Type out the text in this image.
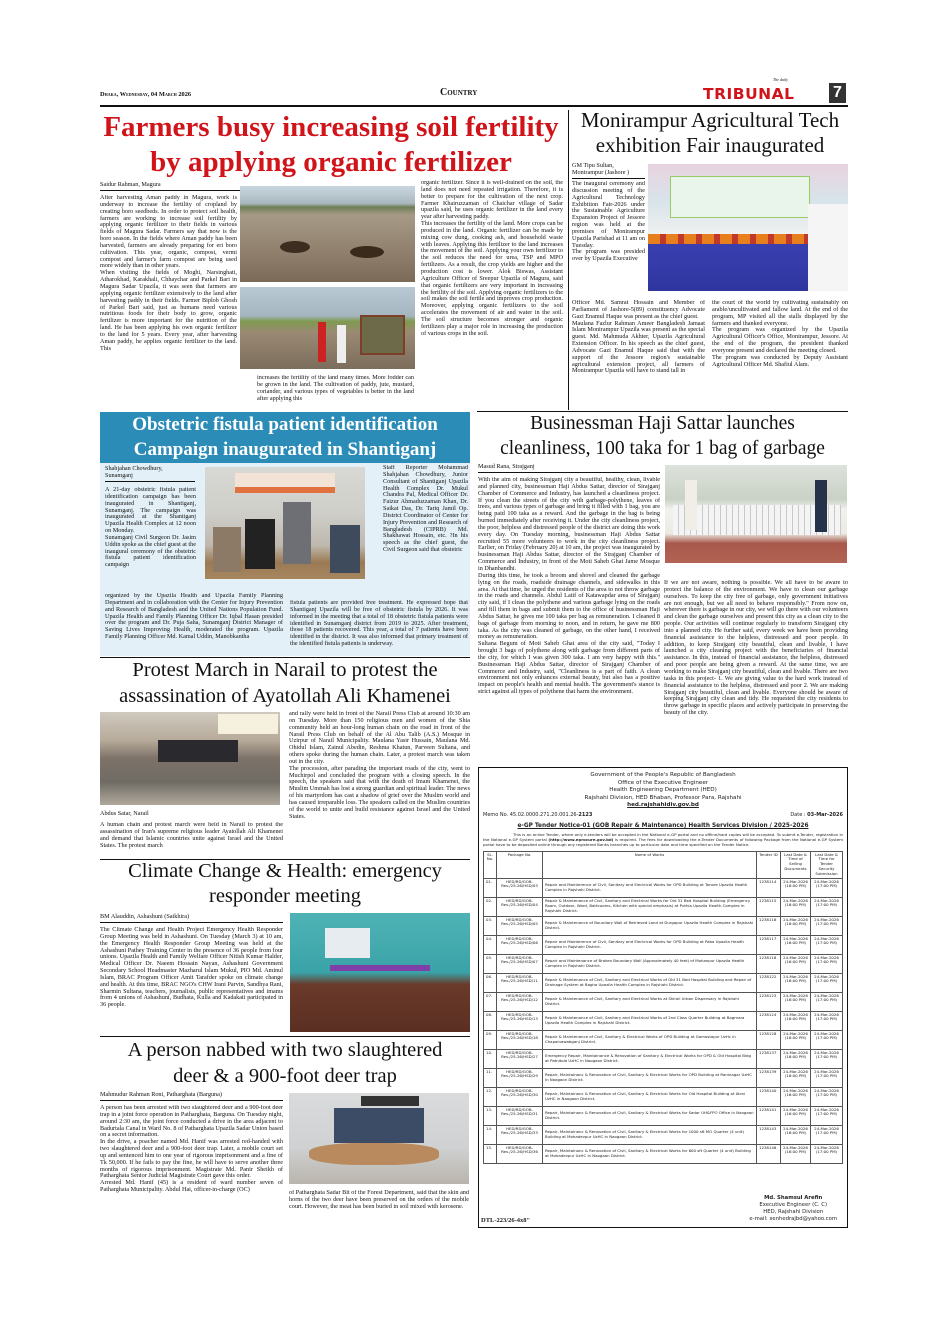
Dhaka, Wednesday, 04 March 2026	Country
The daily
TRIBUNAL 7
Farmers busy increasing soil fertility
by applying organic fertilizer
Saidur Rahman, Magura

After harvesting Aman paddy in Magura, work is underway to increase the fertility of cropland by creating boro seedbeds. In order to protect soil health, farmers are working to increase soil fertility by applying organic fertilizer to their fields in various fields of Magura Sadar. Farmers say that now is the boro season. In the fields where Aman paddy has been harvested, farmers are already preparing for eri boro cultivation. This year, organic, compost, vermi compost and farmer's farm compost are being used more widely than in other years.

When visiting the fields of Moghi, Narsinghati, Atharokhad, Karakhali, Chhaychar and Parkel Bari in Magura Sadar Upazila, it was seen that farmers are applying organic fertilizer extensively to the land after harvesting paddy in their fields. Farmer Biplob Ghosh of Parkel Bari said, just as humans need various nutritious foods for their body to grow, organic fertilizer is more important for the nutrition of the land. He has been applying his own organic fertilizer to the land for 5 years. Every year, after harvesting Aman paddy, he applies organic fertilizer to the land. This

increases the fertility of the land many times. More fodder can be grown in the land. The cultivation of paddy, jute, mustard, coriander, and various types of vegetables is better in the land after applying this

organic fertilizer. Since it is well-drained on the soil, the land does not need repeated irrigation. Therefore, it is better to prepare for the cultivation of the next crop. Farmer Khairuzzaman of Chaichar village of Sadar upazila said, he uses organic fertilizer in the land every year after harvesting paddy.

This increases the fertility of the land. More crops can be produced in the land. Organic fertilizer can be made by mixing cow dung, cooking ash, and household waste with leaves. Applying this fertilizer to the land increases the movement of the soil. Applying your own fertilizer to the soil reduces the need for urea, TSP and MPO fertilizers. As a result, the crop yields are higher and the production cost is lower. Alok Biswas, Assistant Agriculture Officer of Sreepur Upazila of Magura, said that organic fertilizers are very important in increasing the fertility of the soil. Applying organic fertilizers to the soil makes the soil fertile and improves crop production. Moreover, applying organic fertilizers to the soil accelerates the movement of air and water in the soil. The soil structure becomes stronger and organic fertilizers play a major role in increasing the production of various crops in the soil.

Monirampur Agricultural Tech
exhibition Fair inaugurated
GM Tipu Sultan,
Monirampur (Jashore )

The inaugural ceremony and discussion meeting of the Agricultural Technology Exhibition Fair-2026 under the Sustainable Agriculture Expansion Project of Jessore region was held at the premises of Monirampur Upazila Parishad at 11 am on Tuesday.

The program was presided over by Upazila Executive

Officer Md. Samrat Hossain and Member of Parliament of Jashore-5(89) constituency Advocate Gazi Enamul Haque was present as the chief guest.

Maulana Fazlur Rahman Ameer Bangladesh Jamaat Islam Monirampur Upazila was present as the special guest. Md. Mahmuda Akhter, Upazila Agricultural Extension Officer. In his speech as the chief guest, Advocate Gazi Enamul Haque said that with the support of the Jessore region's sustainable agricultural extension project, all farmers of Monirampur Upazila will have to stand tall in

the court of the world by cultivating sustainably on arable/uncultivated and fallow land. At the end of the program, MP visited all the stalls displayed by the farmers and thanked everyone.

The program was organized by the Upazila Agricultural Officer's Office, Monirampur, Jessore. At the end of the program, the president thanked everyone present and declared the meeting closed.

The program was conducted by Deputy Assistant Agricultural Officer Md. Shafiul Alam.

Obstetric fistula patient identification
Campaign inaugurated in Shantiganj
Shahjahan Chowdhury,
Sunamganj

A 21-day obstetric fistula patient identification campaign has been inaugurated in Shantiganj, Sunamganj. The campaign was inaugurated at the Shantiganj Upazila Health Complex at 12 noon on Monday.

Sunamganj Civil Surgeon Dr. Jasim Uddin spoke as the chief guest at the inaugural ceremony of the obstetric fistula patient identification campaign

Staff Reporter Mohammad Shahjahan Chowdhury, Junior Consultant of Shantiganj Upazila Health Complex Dr. Mukul Chandra Pal, Medical Officer Dr. Faizur Ahmaduzzaman Khan, Dr. Saikat Das, Dr. Tariq Jamil Op. District Coordinator of Center for Injury Prevention and Research of Bangladesh (CIPRB) Md. Shakhawat Hossain, etc. ?In his speech as the chief guest, the Civil Surgeon said that obstetric
organized by the Upazila Health and Upazila Family Planning Department and in collaboration with the Center for Injury Prevention and Research of Bangladesh and the United Nations Population Fund. Upazila Health and Family Planning Officer Dr. Iqbal Hasan presided over the program and Dr. Puja Saha, Sunamganj District Manager of Saving Lives Improving Health, moderated the program. Upazila Family Planning Officer Md. Kamal Uddin, Manobkantha
fistula patients are provided free treatment. He expressed hope that Shantiganj Upazila will be free of obstetric fistula by 2026. It was informed in the meeting that a total of 18 obstetric fistula patients were identified in Sunamganj district from 2019 to 2025. After treatment, those 18 patients recovered. This year, a total of 7 patients have been identified in the district. It was also informed that primary treatment of the identified fistula patients is underway.
Businessman Haji Sattar launches
cleanliness, 100 taka for 1 bag of garbage
Masud Rana, Sirajganj

With the aim of making Sirajganj city a beautiful, healthy, clean, livable and planned city, businessman Haji Abdus Sattar, director of Sirajganj Chamber of Commerce and Industry, has launched a cleanliness project. If you clean the streets of the city with garbage-polythene, leaves of trees, and various types of garbage and bring it filled with 1 bag, you are being paid 100 taka as a reward. And the garbage in the bag is being burned immediately after receiving it. Under the city cleanliness project, the poor, helpless and distressed people of the district are doing this work every day. On Tuesday morning, businessman Haji Abdus Sattar recruited 55 more volunteers to work in the city cleanliness project. Earlier, on Friday (February 20) at 10 am, the project was inaugurated by businessman Haji Abdus Sattar, director of the Sirajganj Chamber of Commerce and Industry, in front of the Moti Saheb Ghat Jame Mosque in Dhanbandhi.

During this time, he took a broom and shovel and cleaned the garbage lying on the roads, roadside drainage channels, and sidewalks in this area. At that time, he urged the residents of the area to not throw garbage in the roads and channels. Abdul Latif of Katawapdar area of Sirajganj city said, if I clean the polythene and various garbage lying on the roads and fill them in bags and submit them to the office of businessman Haji Abdus Sattar, he gives me 100 taka per bag as remuneration. I cleaned 8 bags of garbage from morning to noon, and in return, he gave me 800 taka. As the city was cleaned of garbage, on the other hand, I received money as remuneration.

Sultana Begum of Moti Saheb Ghat area of the city said, "Today I brought 3 bags of polythene along with garbage from different parts of the city, for which I was given 300 taka. I am very happy with this." Businessman Haji Abdus Sattar, director of Sirajganj Chamber of Commerce and Industry, said, "Cleanliness is a part of faith. A clean environment not only enhances external beauty, but also has a positive impact on people's health and mental health. The government's stance is strict against all types of polythene that harm the environment.

If we are not aware, nothing is possible. We all have to be aware to protect the balance of the environment. We have to clean our garbage ourselves. To keep the city free of garbage, only government initiatives are not enough, but we all need to behave responsibly." From now on, wherever there is garbage in our city, we will go there with our volunteers and clean the garbage ourselves and present this city as a clean city to the people. Our activities will continue regularly to transform Sirajganj city into a planned city. He further said, every week we have been providing financial assistance to the helpless, distressed and poor people. In addition, to keep Sirajganj city beautiful, clean and livable, I have launched a city cleaning project with the beneficiaries of financial assistance. In this, instead of financial assistance, the helpless, distressed and poor people are being given a reward. At the same time, we are working to make Sirajganj city beautiful, clean and livable. There are two tasks in this project- 1. We are giving value to the hard work instead of financial assistance to the helpless, distressed and poor 2. We are making Sirajganj city beautiful, clean and livable. Everyone should be aware of keeping Sirajganj city clean and tidy. He requested the city residents to throw garbage in specific places and actively participate in preserving the beauty of the city.
Protest March in Narail to protest the
assassination of Ayatollah Ali Khamenei
Abdus Satar, Narail
A human chain and protest march were held in Narail to protest the assassination of Iran's supreme religious leader Ayatollah Ali Khamenei and demand that Islamic countries unite against Israel and the United States. The protest march

and rally were held in front of the Narail Press Club at around 10:30 am on Tuesday. More than 150 religious men and women of the Shia community held an hour-long human chain on the road in front of the Narail Press Club on behalf of the Al Abu Talib (A.S.) Mosque in Uzirpur of Narail Municipality. Maulana Yasir Hussain, Maulana Md. Ohidul Islam, Zainul Abedin, Reshma Khatun, Parveen Sultana, and others spoke during the human chain. Later, a protest march was taken out in the city.

The procession, after parading the important roads of the city, went to Muchirpol and concluded the program with a closing speech. In the speech, the speakers said that with the death of Imam Khamenei, the Muslim Ummah has lost a strong guardian and spiritual leader. The news of his martyrdom has cast a shadow of grief over the Muslim world and has caused irreparable loss. The speakers called on the Muslim countries of the world to unite and build resistance against Israel and the United States.

Climate Change & Health: emergency
responder meeting
BM Alauddin, Ashashuni (Satkhira)
The Climate Change and Health Project Emergency Health Responder Group Meeting was held in Ashashuni. On Tuesday (March 3) at 10 am, the Emergency Health Responder Group Meeting was held at the Ashashuni Pathey Training Center in the presence of 36 people from four unions. Upazila Health and Family Welfare Officer Nitish Kumar Halder, Medical Officer Dr. Naeem Hossain Nayan, Ashashuni Government Secondary School Headmaster Mazharul Islam Mukul, PIO Md. Aminul Islam, BRAC Program Officer Amit Tarafder spoke on climate change and health. At this time, BRAC NGO's CHW Irani Parvin, Sandhya Rani, Sharmin Sultana, teachers, journalists, public representatives and imams from 4 unions of Ashashuni, Budhata, Kulla and Kadakati participated in 36 people.
A person nabbed with two slaughtered
deer & a 900-foot deer trap
Mahmudur Rahman Roni, Patharghata (Barguna)

A person has been arrested with two slaughtered deer and a 900-foot deer trap in a joint force operation in Patharghata, Barguna. On Tuesday night, around 2:30 am, the joint force conducted a drive in the area adjacent to Badurtala Canal in Ward No. 8 of Patharghata Upazila Sadar Union based on a secret information.

In the drive, a poacher named Md. Hanif was arrested red-handed with two slaughtered deer and a 900-foot deer trap. Later, a mobile court set up and sentenced him to one year of rigorous imprisonment and a fine of Tk 50,000. If he fails to pay the fine, he will have to serve another three months of rigorous imprisonment. Magistrate Md. Panir Sheikh of Patharghata Senior Judicial Magistrate Court gave this order.

Arrested Md. Hanif (45) is a resident of ward number seven of Patharghata Municipality. Abdul Hai, officer-in-charge (OC)	of Patharghata Sadar Bit of the Forest Department, said that the skin and horns of the two deer have been preserved on the orders of the mobile court. However, the meat has been buried in soil mixed with kerosene.
Government of the People's Republic of Bangladesh
Office of the Executive Engineer
Health Engineering Department (HED)
Rajshahi Division, HED Bhaban, Professor Para, Rajshahi
hed.rajshahidiv.gov.bd
Memo No. 45.02.0000.271.20.001.26-2123	Date : 03-Mar-2026
e-GP Tender Notice-01 (GOB Repair & Maintenance) Health Services Division / 2025-2026
This is an online Tender, where only e-tenders will be accepted in the National e-GP portal and no offline/hard copies will be accepted. To submit e-Tender, registration in the National e-GP System portal (http://www.eprocure.gov.bd) is required. The fees for downloading the e-Tender Documents of following Package from the National e-GP System portal have to be deposited online through any registered Banks branches up to particular date and time specified on the Tender Notice.
SL. No.	Package No.	Name of Works	Tender ID	Last Date & Time of Selling Documents	Last Date & Time for Tender Security Submission
01.	HED/RD/GOB-Rev./25-26/HSD/03	Repair and Mainterence of Civil, Sanitary and Electrical Works for OPD Building at Tanore Upazila Health Complex in Rajshahi District.	1238114	24-Mar-2026 (16:00 PM)	24-Mar-2026 (17:00 PM)
02.	HED/RD/GOB-Rev./25-26/HSD/04	Repair & Maintenance of Civil, Sanitary and Electrical Works for Old 31 Bed Hospital Building (Emergency Room, Outdoor, Ward, Bathrooms, Kitchen with special emphasis) at Puthia Upazila Health Complex in Rajshahi District.	1238115	24-Mar-2026 (16:00 PM)	24-Mar-2026 (17:00 PM)
03.	HED/RD/GOB-Rev./25-26/HSD/05	Repair & Maintenance of Boundary Wall of Retrieved Land at Durgapur Upazila Health Complex in Rajshahi District.	1238116	24-Mar-2026 (16:00 PM)	24-Mar-2026 (17:00 PM)
04.	HED/RD/GOB-Rev./25-26/HSD/06	Repair and Mainterence of Civil, Sanitary and Electrical Works for OPD Building at Paba Upazila Health Complex in Rajshahi District.	1238117	24-Mar-2026 (16:00 PM)	24-Mar-2026 (17:00 PM)
05.	HED/RD/GOB-Rev./25-26/HSD/07	Repair and Maintenance of Broken Boundary Wall (Approximately 40 feet) of Mohanpur Upazila Health Complex in Rajshahi District.	1238118	24-Mar-2026 (16:00 PM)	24-Mar-2026 (17:00 PM)
06.	HED/RD/GOB-Rev./25-26/HSD/11	Repair & Maintenance of Civil, Sanitary and Electrical Works of Old 31 Bed Hospital Building and Repair of Drainage System at Bagha Upazila Health Complex in Rajshahi District.	1238122	24-Mar-2026 (16:00 PM)	24-Mar-2026 (17:00 PM)
07.	HED/RD/GOB-Rev./25-26/HSD/12	Repair & Maintenance of Civil, Sanitary and Electrical Works at Shiroil Urban Dispensary in Rajshahi District.	1238123	24-Mar-2026 (16:00 PM)	24-Mar-2026 (17:00 PM)
08.	HED/RD/GOB-Rev./25-26/HSD/13	Repair & Maintenance of Civil, Sanitary and Electrical Works of 2nd Class Quarter Building at Bagmara Upazila Health Complex in Rajshahi District.	1238124	24-Mar-2026 (16:00 PM)	24-Mar-2026 (17:00 PM)
09.	HED/RD/GOB-Rev./25-26/HSD/18	Repair & Maintenance of Civil, Sanitary & Electrical Works of OPD Building at Gomostapur UzHc in Chapainawabganj District.	1238128	24-Mar-2026 (16:00 PM)	24-Mar-2026 (17:00 PM)
10.	HED/RD/GOB-Rev./25-26/HSD/27	Emergency Repair, Maintainance & Renovation of Sanitary & Electrical Works for OPD & Old Hospital Bldg at Patnitola UzHC in Naogaon District.	1238137	24-Mar-2026 (16:00 PM)	24-Mar-2026 (17:00 PM)
11.	HED/RD/GOB-Rev./25-26/HSD/29	Repair, Maintainanc & Renovation of Civil, Sanitary & Electrical Works for OPD Building at Raninagar UzHC in Naogaon District.	1238139	24-Mar-2026 (16:00 PM)	24-Mar-2026 (17:00 PM)
12.	HED/RD/GOB-Rev./25-26/HSD/30	Repair, Maintainanc & Renovation of Civil, Sanitary & Electrical Works for Old Hospital Building at Atrai UzHC in Naogaon District.	1238140	24-Mar-2026 (16:00 PM)	24-Mar-2026 (17:00 PM)
13.	HED/RD/GOB-Rev./25-26/HSD/31	Repair, Maintainanc & Renovation of Civil, Sanitary & Electrical Works for Sadar UH&FPO Office in Naogaon District.	1238141	24-Mar-2026 (16:00 PM)	24-Mar-2026 (17:00 PM)
14.	HED/RD/GOB-Rev./25-26/HSD/33	Repair, Maintainanc & Renovation of Civil, Sanitary & Electrical Works for 1000 sft MO Quarter (4 unit) Building at Mohadevpur UzHC in Naogaon District.	1238143	24-Mar-2026 (16:00 PM)	24-Mar-2026 (17:00 PM)
15.	HED/RD/GOB-Rev./25-26/HSD/36	Repair, Maintainanc & Renovation of Civil, Sanitary & Electrical Works for 600 sft Quarter (4 unit) Building at Mohadevpur UzHC in Naogaon District.	1238146	24-Mar-2026 (16:00 PM)	24-Mar-2026 (17:00 PM)
DTL-223/26-4x8"
Md. Shamsul Arefin
Executive Engineer (C. C)
HED, Rajshahi Division
e-mail: xenhedrajbd@yahoo.com
